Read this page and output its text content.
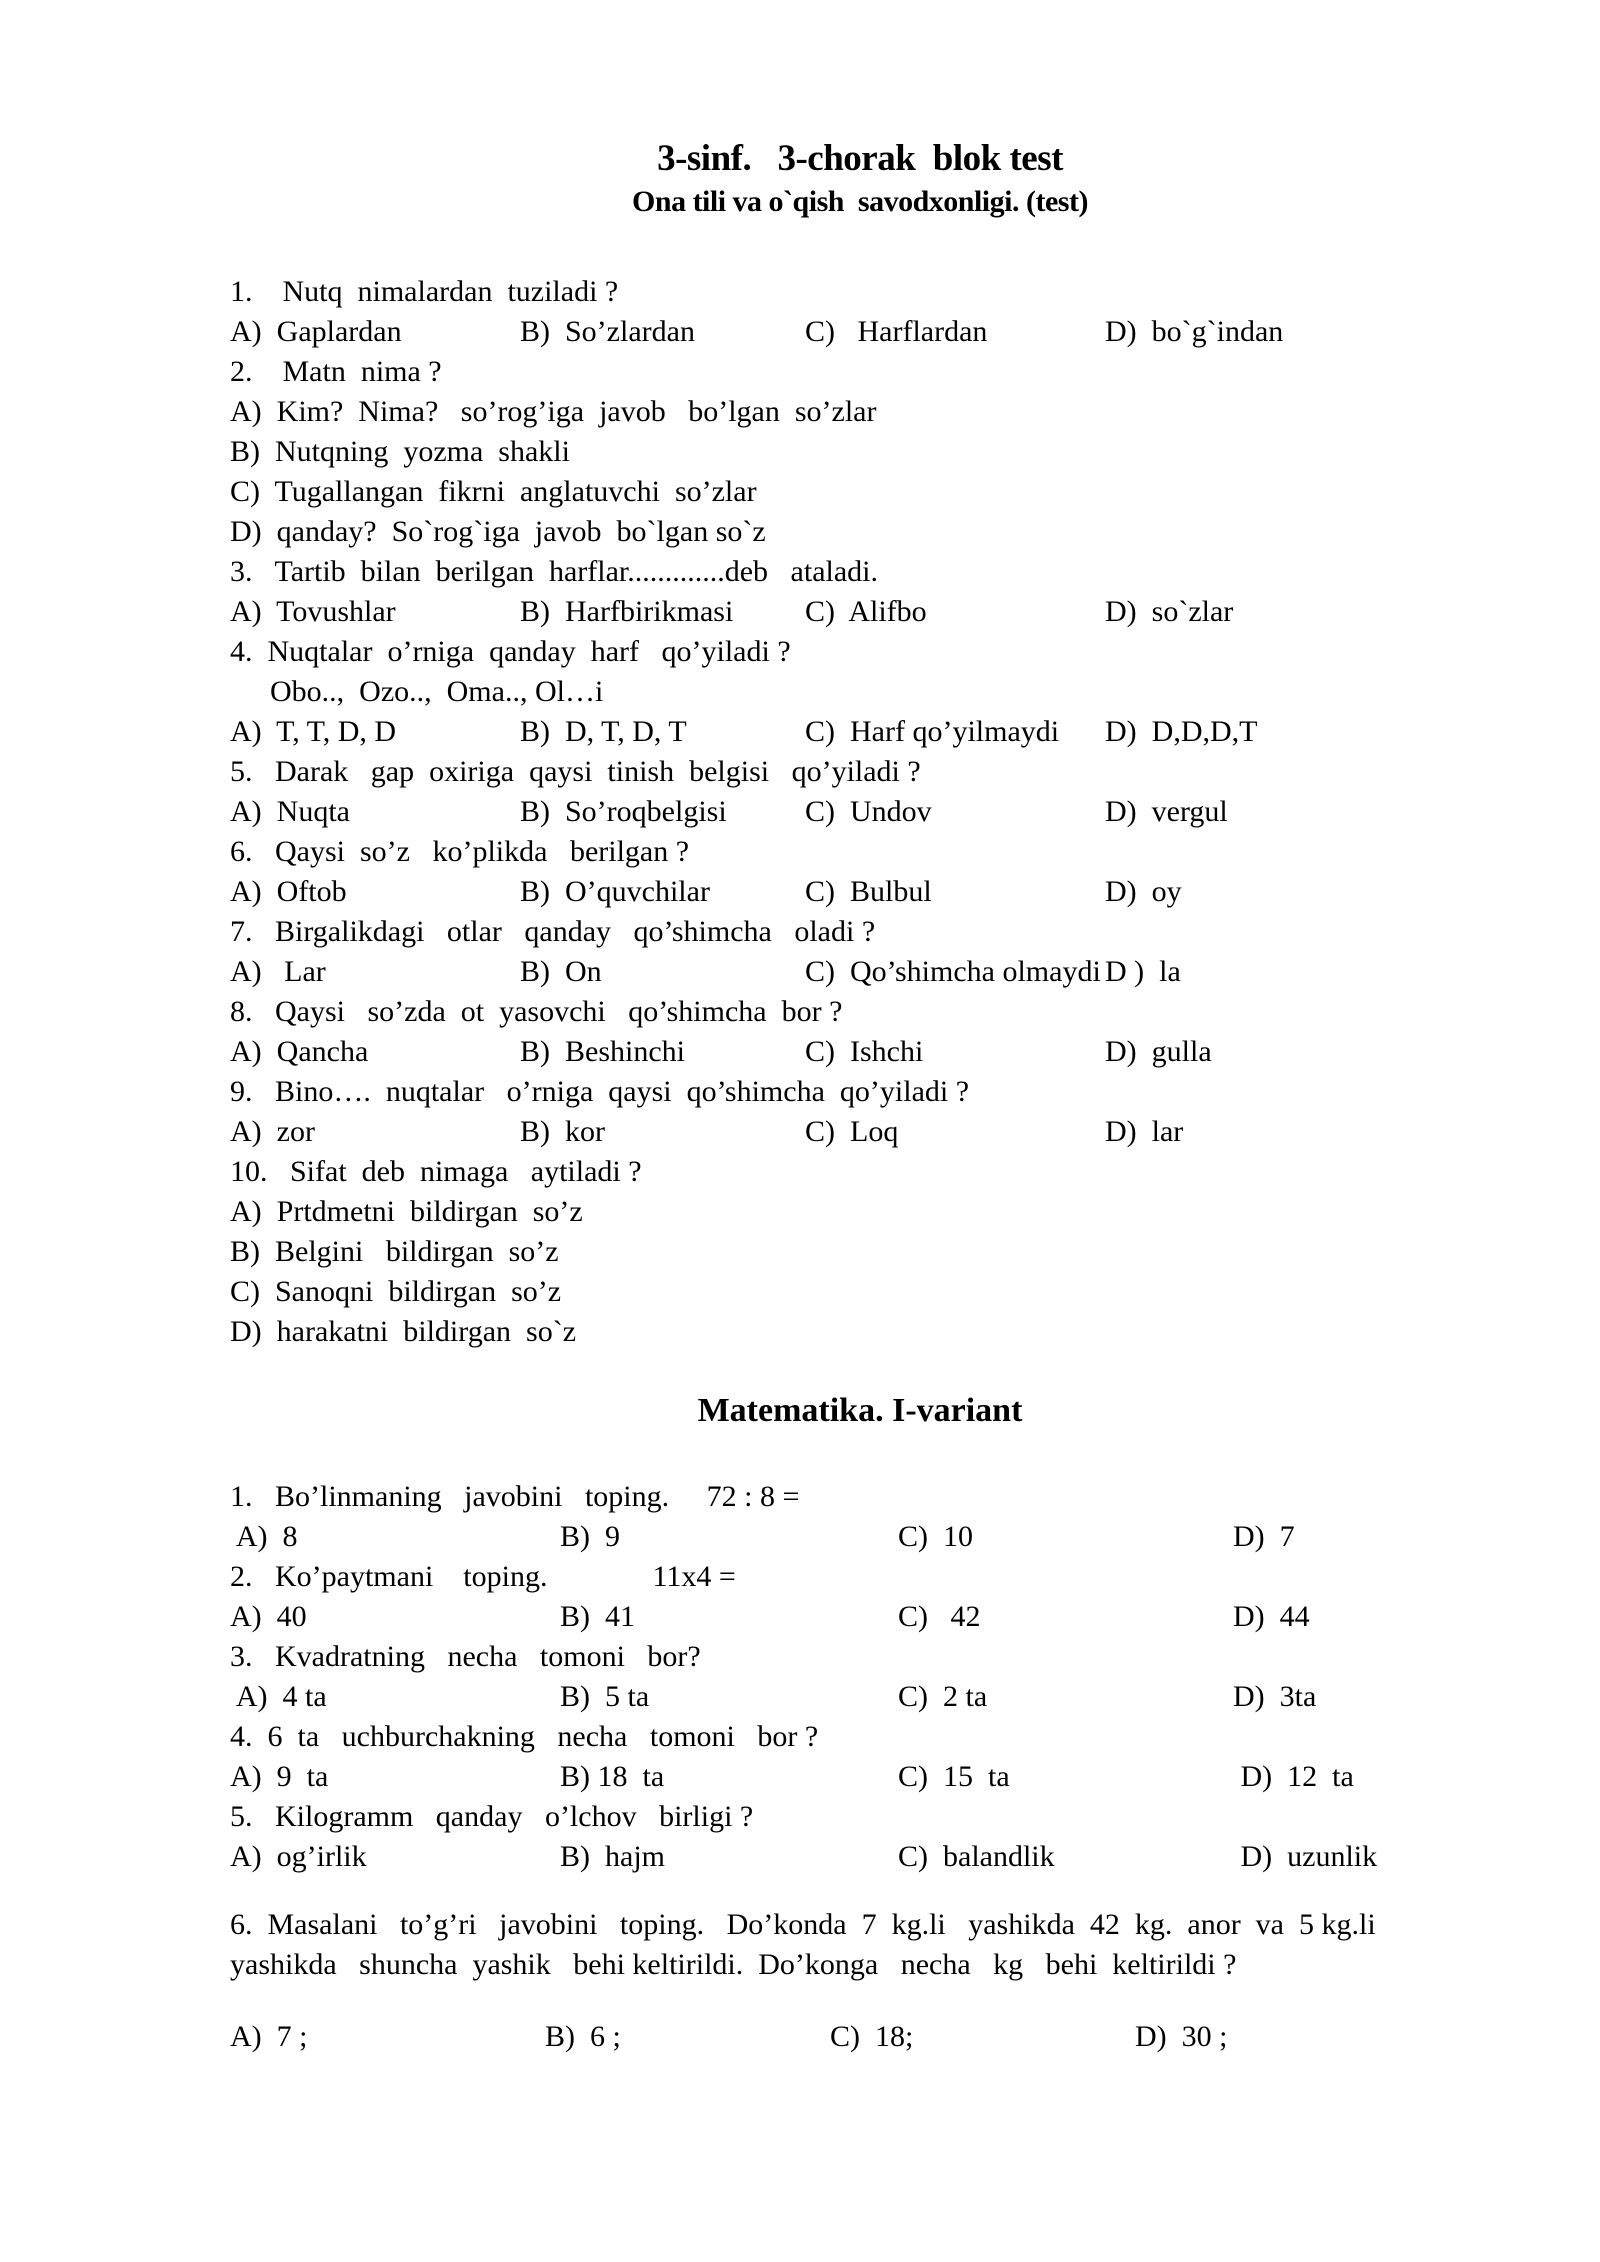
3-sinf.   3-chorak  blok test
Ona tili va o`qish  savodxonligi. (test)
1.    Nutq  nimalardan  tuziladi ?
A)  Gaplardan	B)  So’zlardan	C)   Harflardan	D)  bo`g`indan
2.    Matn  nima ?
A)  Kim?  Nima?   so’rog’iga  javob   bo’lgan  so’zlar
B)  Nutqning  yozma  shakli
C)  Tugallangan  fikrni  anglatuvchi  so’zlar
D)  qanday?  So`rog`iga  javob  bo`lgan so`z
3.   Tartib  bilan  berilgan  harflar.............deb   ataladi.
A)  Tovushlar	B)  Harfbirikmasi	C)  Alifbo	D)  so`zlar
4.  Nuqtalar  o’rniga  qanday  harf   qo’yiladi ?
Obo..,  Ozo..,  Oma.., Ol…i
A)  T, T, D, D	B)  D, T, D, T	C)  Harf qo’yilmaydi	D)  D,D,D,T
5.   Darak   gap  oxiriga  qaysi  tinish  belgisi   qo’yiladi ?
A)  Nuqta	B)  So’roqbelgisi	C)  Undov	D)  vergul
6.   Qaysi  so’z   ko’plikda   berilgan ?
A)  Oftob	B)  O’quvchilar	C)  Bulbul	D)  oy
7.   Birgalikdagi   otlar   qanday   qo’shimcha   oladi ?
A)   Lar	B)  On	C)  Qo’shimcha olmaydi D )  la
8.   Qaysi   so’zda  ot  yasovchi   qo’shimcha  bor ?
A)  Qancha	B)  Beshinchi	C)  Ishchi	D)  gulla
9.   Bino….  nuqtalar   o’rniga  qaysi  qo’shimcha  qo’yiladi ?
A)  zor	B)  kor	C)  Loq	D)  lar
10.   Sifat  deb  nimaga   aytiladi ?
A)  Prtdmetni  bildirgan  so’z
B)  Belgini   bildirgan  so’z
C)  Sanoqni  bildirgan  so’z
D)  harakatni  bildirgan  so`z
Matematika. I-variant
1.   Bo’linmaning   javobini   toping.     72 : 8 =
A)  8	B)  9	C)  10	D)  7
2.   Ko’paytmani    toping.              11x4 =
A)  40	B)  41	C)   42	D)  44
3.   Kvadratning   necha   tomoni   bor?
A)  4 ta	B)  5 ta	C)  2 ta	D)  3ta
4.  6  ta   uchburchakning   necha   tomoni   bor ?
A)  9  ta	B) 18  ta	C)  15  ta	D)  12  ta
5.   Kilogramm   qanday   o’lchov   birligi ?
A)  og’irlik	B)  hajm	C)  balandlik	D)  uzunlik
6.  Masalani   to’g’ri   javobini   toping.   Do’konda  7  kg.li   yashikda  42  kg.  anor  va  5 kg.li
yashikda   shuncha  yashik   behi keltirildi.  Do’konga   necha   kg   behi  keltirildi ?
A)  7 ;	B)  6 ;	C)  18;	D)  30 ;
